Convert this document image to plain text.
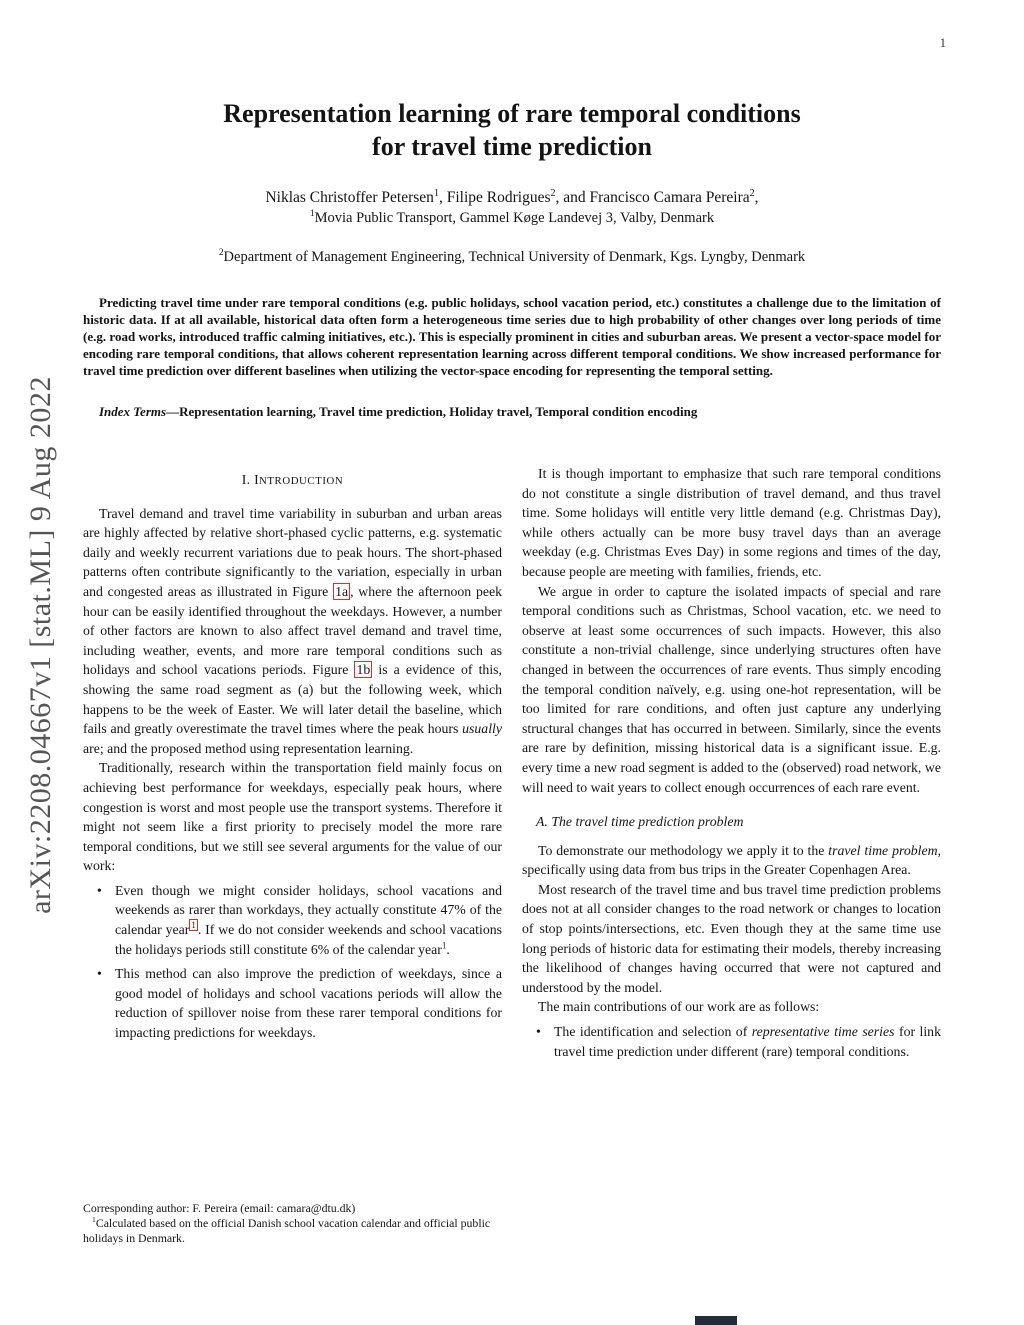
arXiv:2208.04667v1 [stat.ML] 9 Aug 2022
1
Representation learning of rare temporal conditions
for travel time prediction
Niklas Christoffer Petersen$^1$, Filipe Rodrigues$^2$, and Francisco Camara Pereira$^2$,
$^1$Movia Public Transport, Gammel Køge Landevej 3, Valby, Denmark
$^2$Department of Management Engineering, Technical University of Denmark, Kgs. Lyngby, Denmark

Predicting travel time under rare temporal conditions (e.g. public holidays, school vacation period, etc.) constitutes a challenge due to the limitation of historic data. If at all available, historical data often form a heterogeneous time series due to high probability of other changes over long periods of time (e.g. road works, introduced traffic calming initiatives, etc.). This is especially prominent in cities and suburban areas. We present a vector-space model for encoding rare temporal conditions, that allows coherent representation learning across different temporal conditions. We show increased performance for travel time prediction over different baselines when utilizing the vector-space encoding for representing the temporal setting.

Index Terms—Representation learning, Travel time prediction, Holiday travel, Temporal condition encoding

I. INTRODUCTION

Travel demand and travel time variability in suburban and urban areas are highly affected by relative short-phased cyclic patterns, e.g. systematic daily and weekly recurrent variations due to peak hours. The short-phased patterns often contribute significantly to the variation, especially in urban and congested areas as illustrated in Figure 1a , where the afternoon peek hour can be easily identified throughout the weekdays. However, a number of other factors are known to also affect travel demand and travel time, including weather, events, and more rare temporal conditions such as holidays and school vacations periods. Figure 1b is a evidence of this, showing the same road segment as (a) but the following week, which happens to be the week of Easter. We will later detail the baseline, which fails and greatly overestimate the travel times where the peak hours usually are; and the proposed method using representation learning.

Traditionally, research within the transportation field mainly focus on achieving best performance for weekdays, especially peak hours, where congestion is worst and most people use the transport systems. Therefore it might not seem like a first priority to precisely model the more rare temporal conditions, but we still see several arguments for the value of our work:

• Even though we might consider holidays, school vacations and weekends as rarer than workdays, they actually constitute 47% of the calendar year $^1$ . If we do not consider weekends and school vacations the holidays periods still constitute 6% of the calendar year$^1$.
• This method can also improve the prediction of weekdays, since a good model of holidays and school vacations periods will allow the reduction of spillover noise from these rarer temporal conditions for impacting predictions for weekdays.

Corresponding author: F. Pereira (email: camara@dtu.dk)

$^1$Calculated based on the official Danish school vacation calendar and official public holidays in Denmark.

It is though important to emphasize that such rare temporal conditions do not constitute a single distribution of travel demand, and thus travel time. Some holidays will entitle very little demand (e.g. Christmas Day), while others actually can be more busy travel days than an average weekday (e.g. Christmas Eves Day) in some regions and times of the day, because people are meeting with families, friends, etc.

We argue in order to capture the isolated impacts of special and rare temporal conditions such as Christmas, School vacation, etc. we need to observe at least some occurrences of such impacts. However, this also constitute a non-trivial challenge, since underlying structures often have changed in between the occurrences of rare events. Thus simply encoding the temporal condition naïvely, e.g. using one-hot representation, will be too limited for rare conditions, and often just capture any underlying structural changes that has occurred in between. Similarly, since the events are rare by definition, missing historical data is a significant issue. E.g. every time a new road segment is added to the (observed) road network, we will need to wait years to collect enough occurrences of each rare event.

A. The travel time prediction problem

To demonstrate our methodology we apply it to the travel time problem, specifically using data from bus trips in the Greater Copenhagen Area.

Most research of the travel time and bus travel time prediction problems does not at all consider changes to the road network or changes to location of stop points/intersections, etc. Even though they at the same time use long periods of historic data for estimating their models, thereby increasing the likelihood of changes having occurred that were not captured and understood by the model.

The main contributions of our work are as follows:

• The identification and selection of representative time series for link travel time prediction under different (rare) temporal conditions.
